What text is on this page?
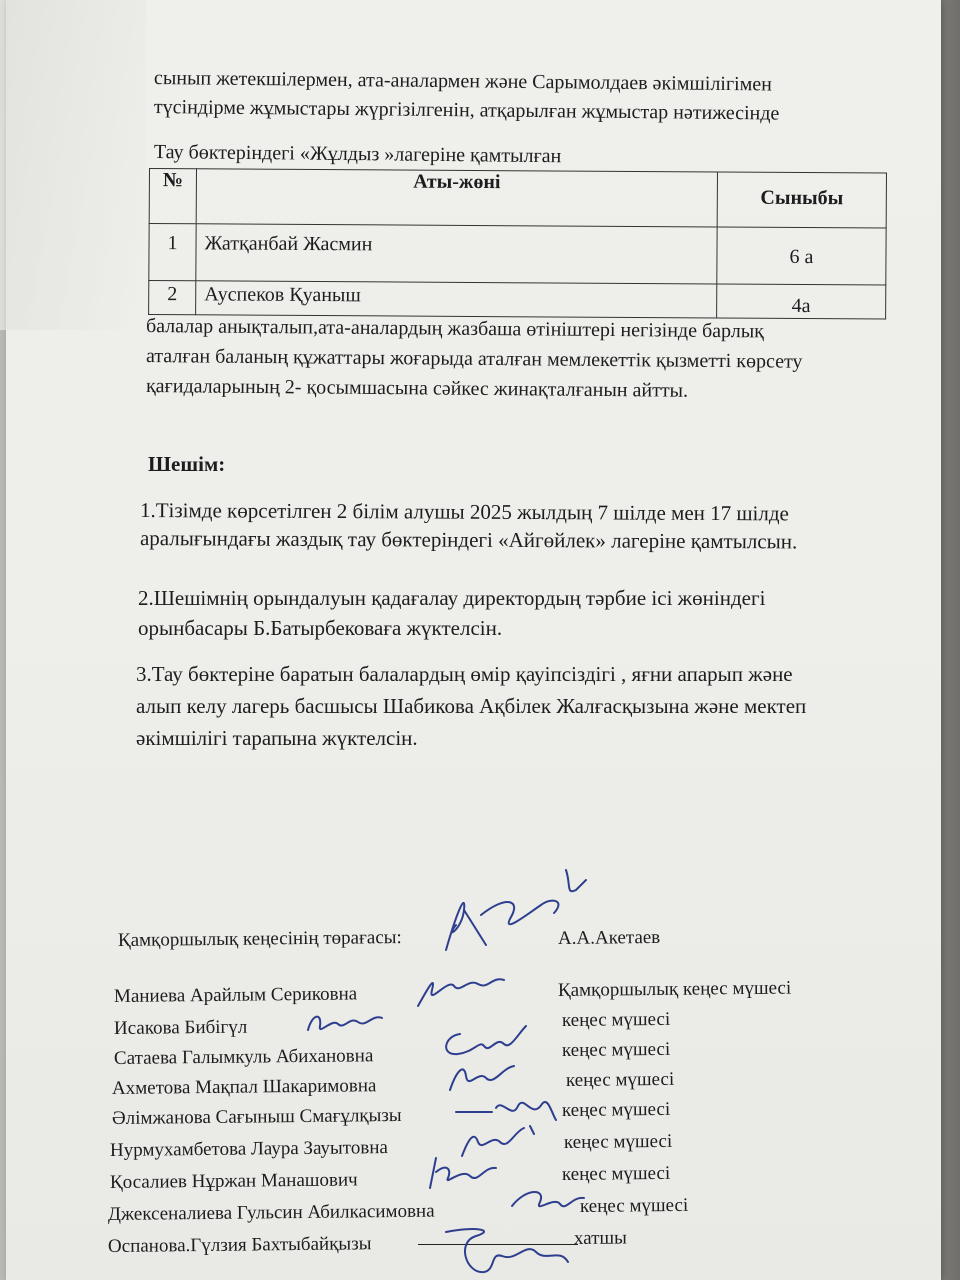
сынып жетекшілермен, ата-аналармен және Сарымолдаев әкімшілігімен
түсіндірме жұмыстары жүргізілгенін, атқарылған жұмыстар нәтижесінде
Тау бөктеріндегі «Жұлдыз »лагеріне қамтылған
№	Аты-жөні	Сыныбы

1	Жатқанбай Жасмин	6 а

2	Ауспеков Қуаныш	4а
балалар анықталып,ата-аналардың жазбаша өтініштері негізінде барлық
аталған баланың құжаттары жоғарыда аталған мемлекеттік қызметті көрсету
қағидаларының 2- қосымшасына сәйкес жинақталғанын айтты.
Шешім:
1.Тізімде көрсетілген 2 білім алушы 2025 жылдың 7 шілде мен 17 шілде
аралығындағы жаздық тау бөктеріндегі «Айгөйлек» лагеріне қамтылсын.
2.Шешімнің орындалуын қадағалау директордың тәрбие ісі жөніндегі
орынбасары Б.Батырбековаға жүктелсін.
3.Тау бөктеріне баратын балалардың өмір қауіпсіздігі , яғни апарып және
алып келу лагерь басшысы Шабикова Ақбілек Жалғасқызына және мектеп
әкімшілігі тарапына жүктелсін.
Қамқоршылық кеңесінің төрағасы:	А.А.Акетаев
Маниева Арайлым Сериковна	Қамқоршылық кеңес мүшесі
Исакова Бибігүл	кеңес мүшесі
Сатаева Галымкуль Абихановна	кеңес мүшесі
Ахметова Мақпал Шакаримовна	кеңес мүшесі
Әлімжанова Сағыныш Смағұлқызы	кеңес мүшесі
Нурмухамбетова Лаура Зауытовна	кеңес мүшесі
Қосалиев Нұржан Манашович	кеңес мүшесі
Джексеналиева Гульсин Абилкасимовна	кеңес мүшесі
Оспанова.Гүлзия Бахтыбайқызы	хатшы
